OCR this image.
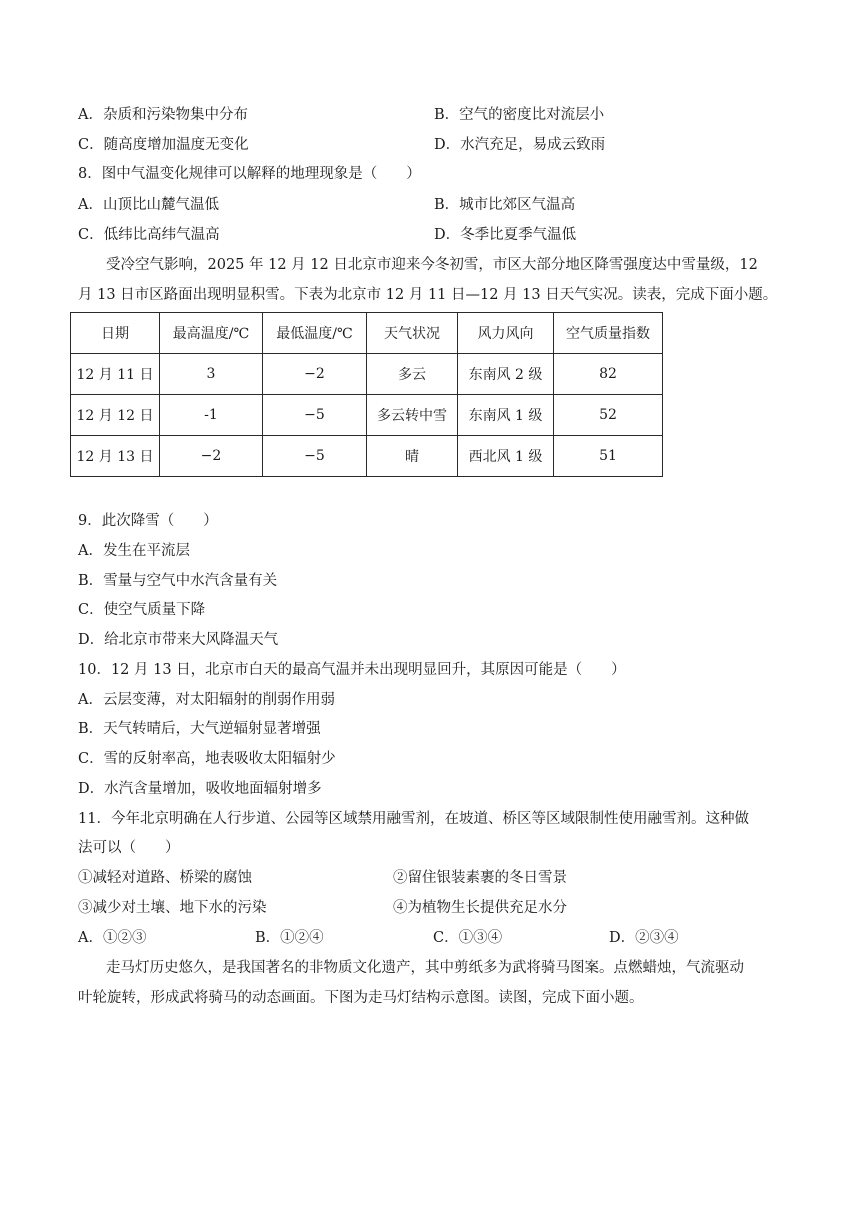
A．杂质和污染物集中分布	B．空气的密度比对流层小
C．随高度增加温度无变化	D．水汽充足，易成云致雨
8．图中气温变化规律可以解释的地理现象是（　　）
A．山顶比山麓气温低	B．城市比郊区气温高
C．低纬比高纬气温高	D．冬季比夏季气温低
受冷空气影响，2025 年 12 月 12 日北京市迎来今冬初雪，市区大部分地区降雪强度达中雪量级，12
月 13 日市区路面出现明显积雪。下表为北京市 12 月 11 日—12 月 13 日天气实况。读表，完成下面小题。
日期	最高温度/℃	最低温度/℃	天气状况	风力风向	空气质量指数
12 月 11 日	3	−2	多云	东南风 2 级	82
12 月 12 日	-1	−5	多云转中雪	东南风 1 级	52
12 月 13 日	−2	−5	晴	西北风 1 级	51
9．此次降雪（　　）
A．发生在平流层
B．雪量与空气中水汽含量有关
C．使空气质量下降
D．给北京市带来大风降温天气
10．12 月 13 日，北京市白天的最高气温并未出现明显回升，其原因可能是（　　）
A．云层变薄，对太阳辐射的削弱作用弱
B．天气转晴后，大气逆辐射显著增强
C．雪的反射率高，地表吸收太阳辐射少
D．水汽含量增加，吸收地面辐射增多
11．今年北京明确在人行步道、公园等区域禁用融雪剂，在坡道、桥区等区域限制性使用融雪剂。这种做
法可以（　　）
①减轻对道路、桥梁的腐蚀	②留住银装素裹的冬日雪景
③减少对土壤、地下水的污染	④为植物生长提供充足水分
A．①②③	B．①②④	C．①③④	D．②③④
走马灯历史悠久，是我国著名的非物质文化遗产，其中剪纸多为武将骑马图案。点燃蜡烛，气流驱动
叶轮旋转，形成武将骑马的动态画面。下图为走马灯结构示意图。读图，完成下面小题。
